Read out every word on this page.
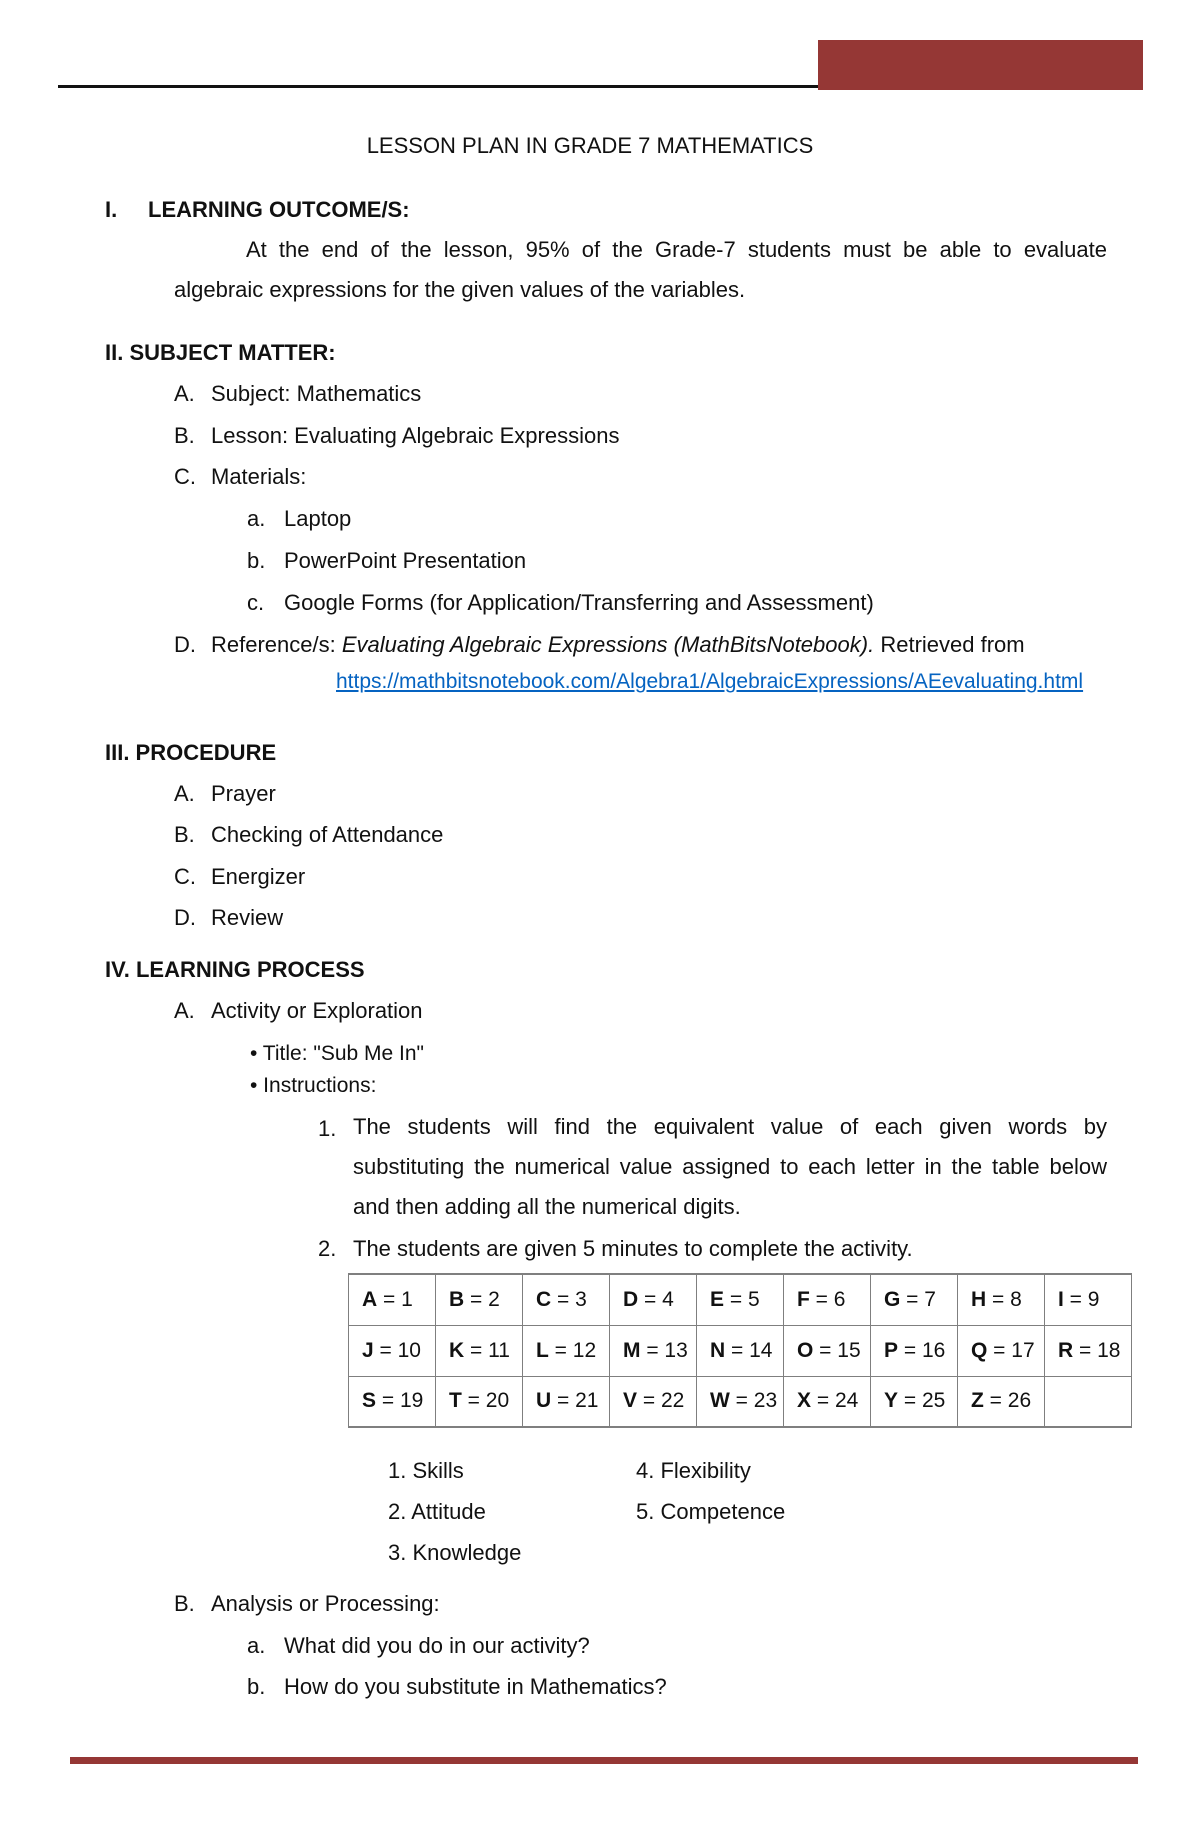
LESSON PLAN IN GRADE 7 MATHEMATICS
I. LEARNING OUTCOME/S:
At the end of the lesson, 95% of the Grade-7 students must be able to evaluate algebraic expressions for the given values of the variables.
II. SUBJECT MATTER:
A. Subject: Mathematics
B. Lesson: Evaluating Algebraic Expressions
C. Materials:
a. Laptop
b. PowerPoint Presentation
c. Google Forms (for Application/Transferring and Assessment)
D. Reference/s: Evaluating Algebraic Expressions (MathBitsNotebook). Retrieved from
https://mathbitsnotebook.com/Algebra1/AlgebraicExpressions/AEevaluating.html
III. PROCEDURE
A. Prayer
B. Checking of Attendance
C. Energizer
D. Review
IV. LEARNING PROCESS
A. Activity or Exploration
• Title: "Sub Me In"
• Instructions:
1. The students will find the equivalent value of each given words by substituting the numerical value assigned to each letter in the table below and then adding all the numerical digits.
2. The students are given 5 minutes to complete the activity.
A = 1	B = 2	C = 3	D = 4	E = 5	F = 6	G = 7	H = 8	I = 9
J = 10	K = 11	L = 12	M = 13	N = 14	O = 15	P = 16	Q = 17	R = 18
S = 19	T = 20	U = 21	V = 22	W = 23	X = 24	Y = 25	Z = 26	
1. Skills
2. Attitude
3. Knowledge
4. Flexibility
5. Competence
B. Analysis or Processing:
a. What did you do in our activity?
b. How do you substitute in Mathematics?
